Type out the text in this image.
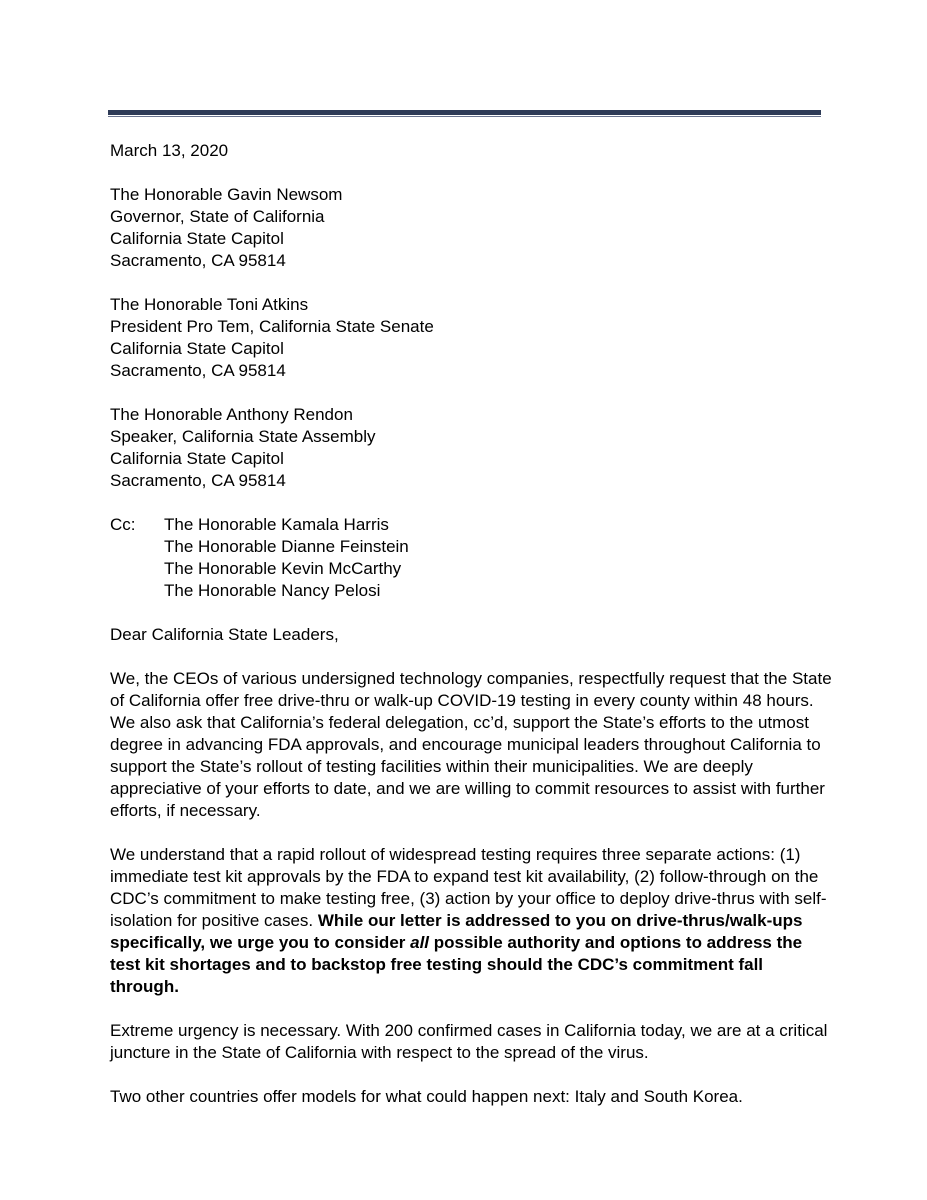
March 13, 2020
The Honorable Gavin Newsom
Governor, State of California
California State Capitol
Sacramento, CA 95814
The Honorable Toni Atkins
President Pro Tem, California State Senate
California State Capitol
Sacramento, CA 95814
The Honorable Anthony Rendon
Speaker, California State Assembly
California State Capitol
Sacramento, CA 95814
Cc:	The Honorable Kamala Harris
The Honorable Dianne Feinstein
The Honorable Kevin McCarthy
The Honorable Nancy Pelosi
Dear California State Leaders,
We, the CEOs of various undersigned technology companies, respectfully request that the State
of California offer free drive-thru or walk-up COVID-19 testing in every county within 48 hours.
We also ask that California’s federal delegation, cc’d, support the State’s efforts to the utmost
degree in advancing FDA approvals, and encourage municipal leaders throughout California to
support the State’s rollout of testing facilities within their municipalities. We are deeply
appreciative of your efforts to date, and we are willing to commit resources to assist with further
efforts, if necessary.
We understand that a rapid rollout of widespread testing requires three separate actions: (1)
immediate test kit approvals by the FDA to expand test kit availability, (2) follow-through on the
CDC’s commitment to make testing free, (3) action by your office to deploy drive-thrus with self-
isolation for positive cases. While our letter is addressed to you on drive-thrus/walk-ups
specifically, we urge you to consider all possible authority and options to address the
test kit shortages and to backstop free testing should the CDC’s commitment fall
through.
Extreme urgency is necessary. With 200 confirmed cases in California today, we are at a critical
juncture in the State of California with respect to the spread of the virus.
Two other countries offer models for what could happen next: Italy and South Korea.
